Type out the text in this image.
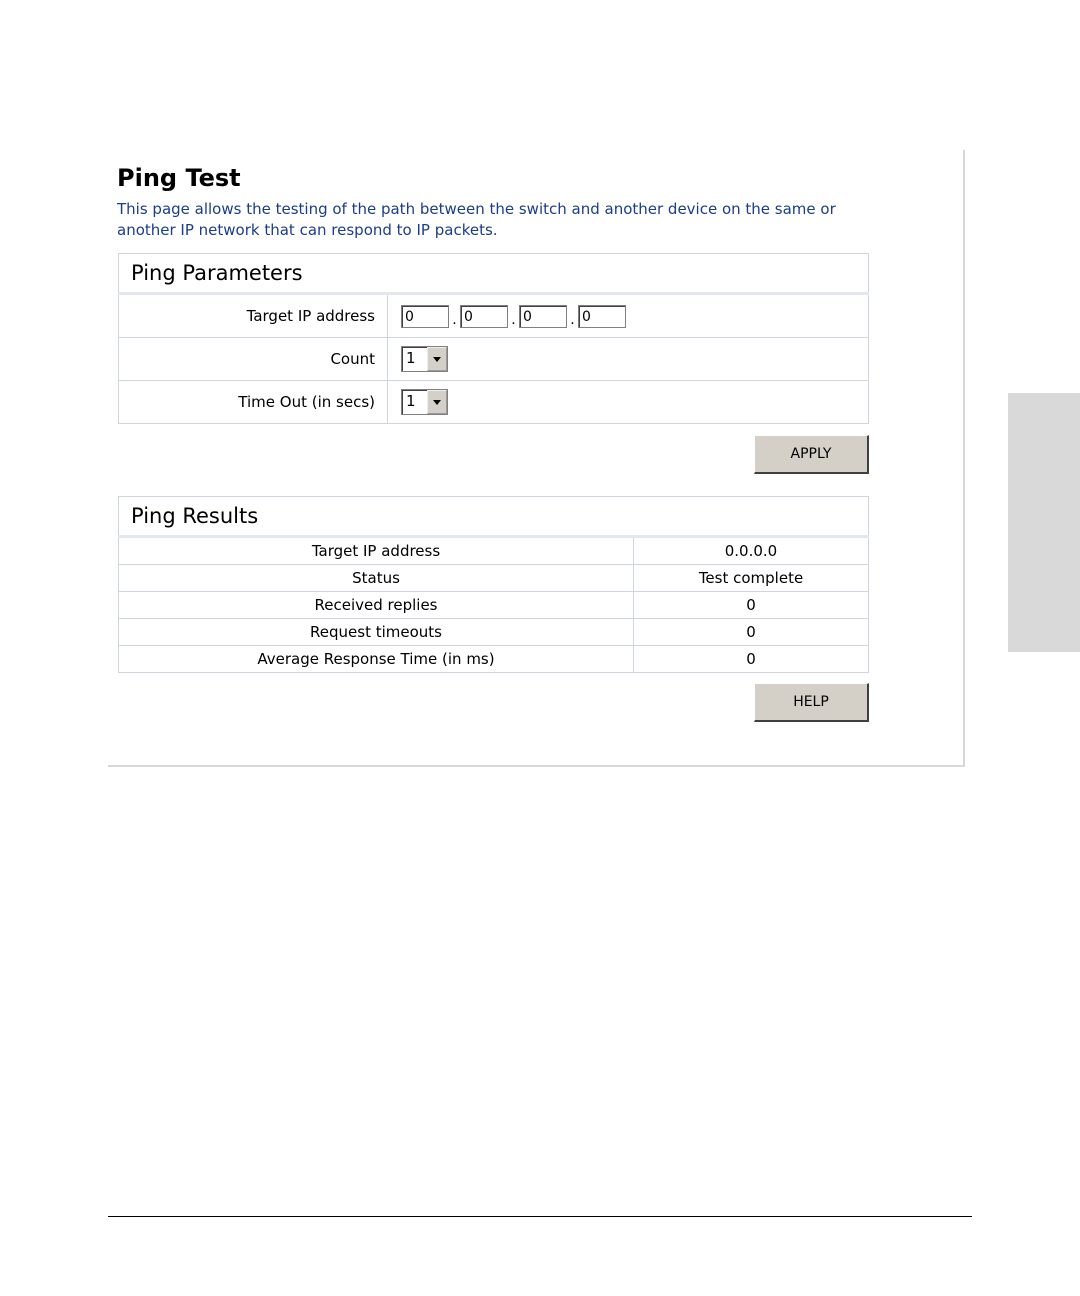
Ping Test

This page allows the testing of the path between the switch and another device on the same or another IP network that can respond to IP packets.

Ping Parameters	
Target IP address	0 . 0 . 0 . 0
Count	1

Time Out (in secs)	1
APPLY
Ping Results	
Target IP address	0.0.0.0
Status	Test complete
Received replies	0
Request timeouts	0
Average Response Time (in ms)	0
HELP
